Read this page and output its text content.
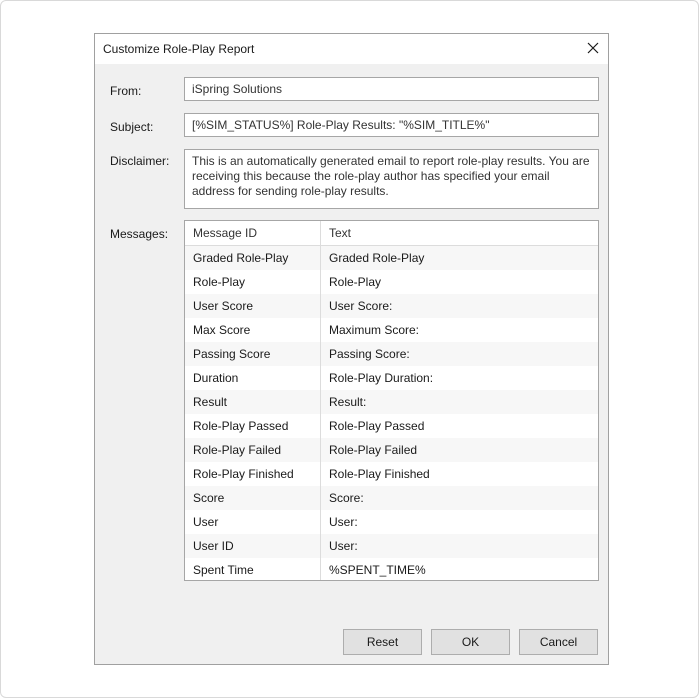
Customize Role-Play Report
From:	iSpring Solutions
Subject:	[%SIM_STATUS%] Role-Play Results: "%SIM_TITLE%"
Disclaimer:	This is an automatically generated email to report role-play results. You are receiving this because the role-play author has specified your email address for sending role-play results.
Messages:	Message ID	Text
Graded Role-Play	Graded Role-Play
Role-Play	Role-Play
User Score	User Score:
Max Score	Maximum Score:
Passing Score	Passing Score:
Duration	Role-Play Duration:
Result	Result:
Role-Play Passed	Role-Play Passed
Role-Play Failed	Role-Play Failed
Role-Play Finished	Role-Play Finished
Score	Score:
User	User:
User ID	User:
Spent Time	%SPENT_TIME%
Reset	OK	Cancel
